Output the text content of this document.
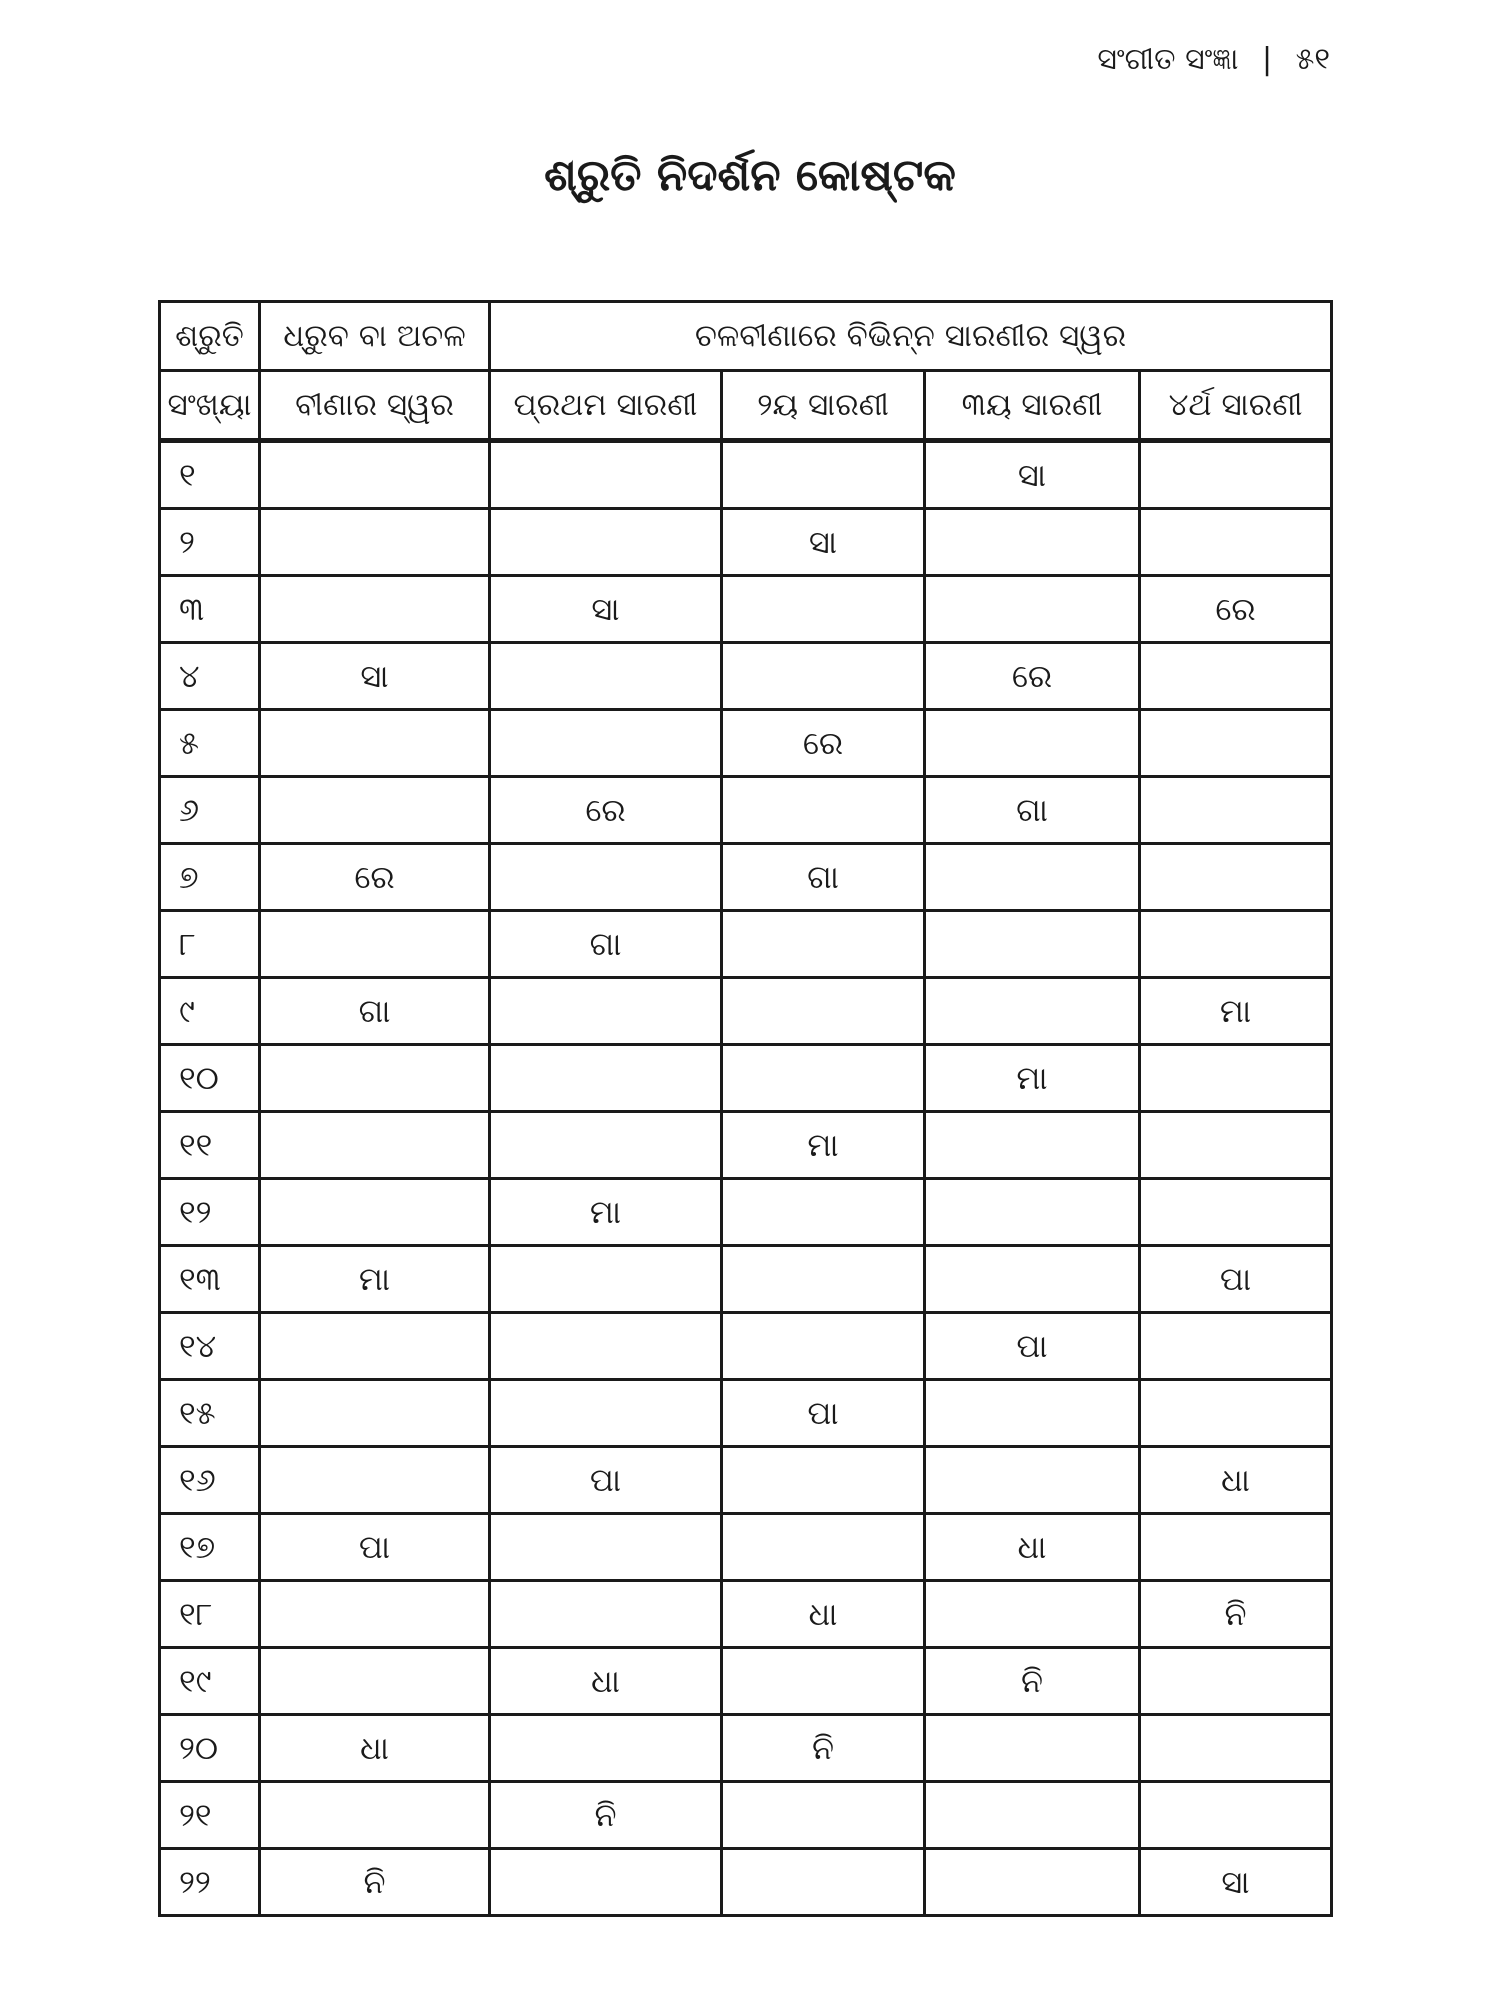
ସଂଗୀତ ସଂଜ୍ଞା | ୫୧
ଶ୍ରୁତି ନିଦର୍ଶନ କୋଷ୍ଟକ
ଶ୍ରୁତି	ଧ୍ରୁବ ବା ଅଚଳ	ଚଳବୀଣାରେ ବିଭିନ୍ନ ସାରଣୀର ସ୍ୱର			
ସଂଖ୍ୟା	ବୀଣାର ସ୍ୱର	ପ୍ରଥମ ସାରଣୀ	୨ୟ ସାରଣୀ	୩ୟ ସାରଣୀ	୪ର୍ଥ ସାରଣୀ
୧				ସା	
୨			ସା		
୩		ସା			ରେ
୪	ସା			ରେ	
୫			ରେ		
୬		ରେ		ଗା	
୭	ରେ		ଗା		
୮		ଗା			
୯	ଗା				ମା
୧୦				ମା	
୧୧			ମା		
୧୨		ମା			
୧୩	ମା				ପା
୧୪				ପା	
୧୫			ପା		
୧୬		ପା			ଧା
୧୭	ପା			ଧା	
୧୮			ଧା		ନି
୧୯		ଧା		ନି	
୨୦	ଧା		ନି		
୨୧		ନି			
୨୨	ନି				ସା
